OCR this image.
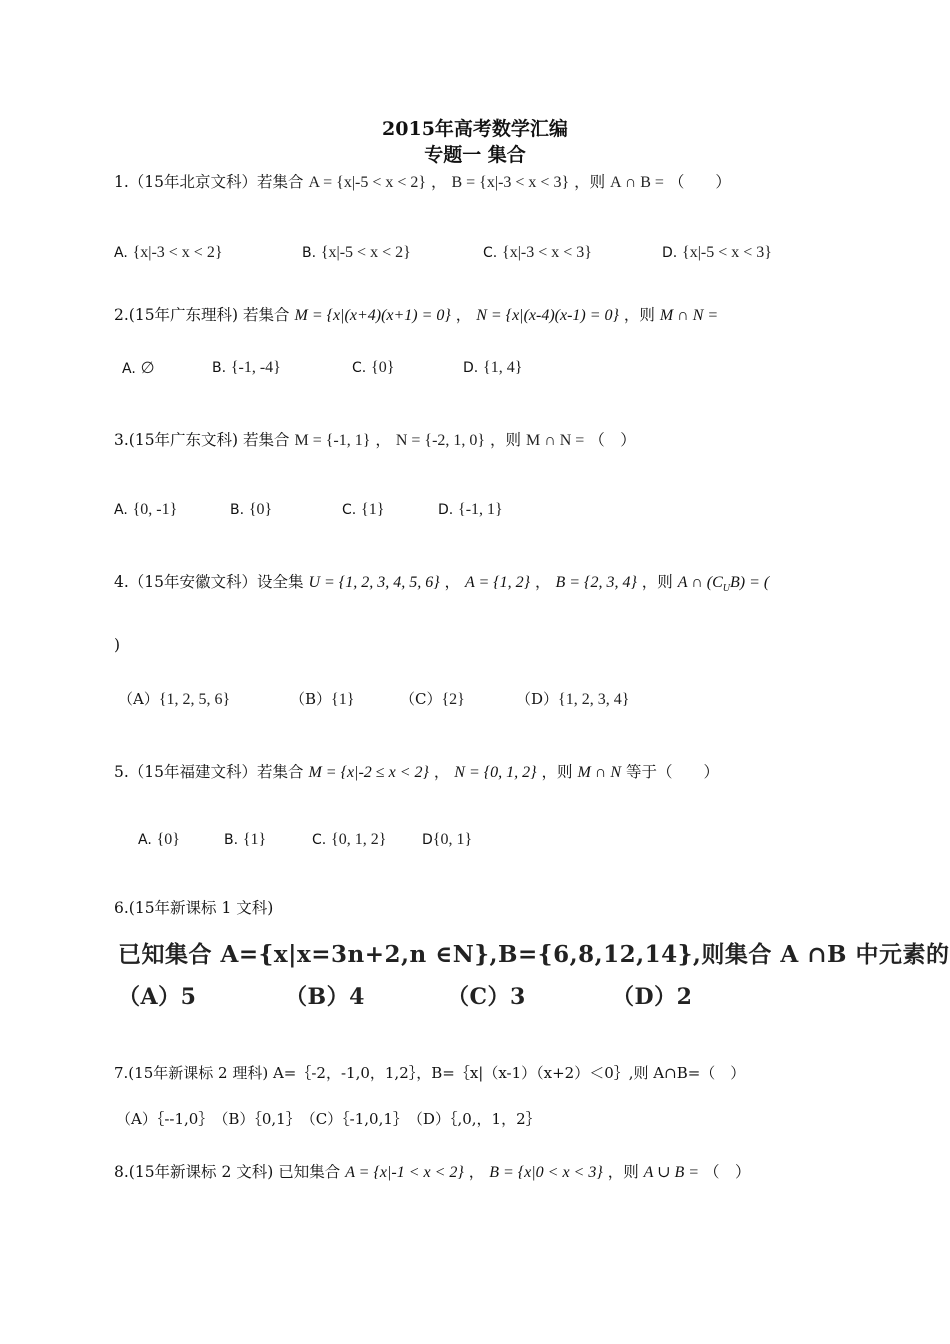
2015年高考数学汇编
专题一 集合
1.（15年北京文科）若集合 A = {x|-5 < x < 2} ， B = {x|-3 < x < 3} ，则 A ∩ B = （　　）
A. {x|-3 < x < 2}	B. {x|-5 < x < 2}	C. {x|-3 < x < 3}	D. {x|-5 < x < 3}
2.(15年广东理科) 若集合 M = {x|(x+4)(x+1) = 0} ， N = {x|(x-4)(x-1) = 0} ，则 M ∩ N =
A. ∅	B. {-1, -4}	C. {0}	D. {1, 4}
3.(15年广东文科) 若集合 M = {-1, 1} ， N = {-2, 1, 0} ，则 M ∩ N = （　）
A. {0, -1}	B. {0}	C. {1}	D. {-1, 1}
4.（15年安徽文科）设全集 U = {1, 2, 3, 4, 5, 6} ， A = {1, 2} ， B = {2, 3, 4} ，则 A ∩ $(C_UB)$ = (
)
（A）{1, 2, 5, 6}	（B）{1}	（C）{2}	（D）{1, 2, 3, 4}
5.（15年福建文科）若集合 M = {x|-2 ≤ x < 2} ， N = {0, 1, 2} ，则 M ∩ N 等于（　　）
A. {0}	B. {1}	C. {0, 1, 2}	D{0, 1}
6.(15年新课标 1 文科)
已知集合 A={x|x=3n+2,n ∈N},B={6,8,12,14},则集合 A ∩B 中元素的
（A）5	（B）4	（C）3	（D）2
7.(15年新课标 2 理科) A=｛-2，-1,0，1,2｝，B=｛x|（x-1）（x+2）＜0｝,则 A∩B=（　）
（A）｛--1,0｝　（B）｛0,1｝　（C）｛-1,0,1｝　（D）｛,0,，1，2｝
8.(15年新课标 2 文科) 已知集合 A = {x|-1 < x < 2} ， B = {x|0 < x < 3} ，则 A ∪ B = （　）
